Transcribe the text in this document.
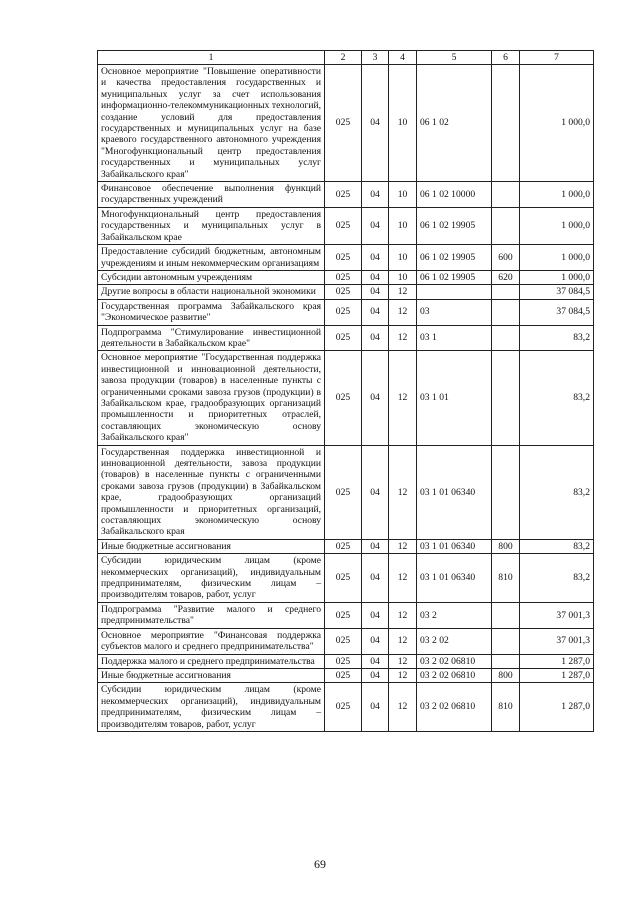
1	2	3	4	5	6	7
Основное мероприятие "Повышение оперативности и качества предоставления государственных и муниципальных услуг за счет использования информационно-телекоммуникационных технологий, создание условий для предоставления государственных и муниципальных услуг на базе краевого государственного автономного учреждения "Многофункциональный центр предоставления государственных и муниципальных услуг Забайкальского края"	025	04	10	06 1 02		1 000,0
Финансовое обеспечение выполнения функций государственных учреждений	025	04	10	06 1 02 10000		1 000,0
Многофункциональный центр предоставления государственных и муниципальных услуг в Забайкальском крае	025	04	10	06 1 02 19905		1 000,0
Предоставление субсидий бюджетным, автономным учреждениям и иным некоммерческим организациям	025	04	10	06 1 02 19905	600	1 000,0
Субсидии автономным учреждениям	025	04	10	06 1 02 19905	620	1 000,0
Другие вопросы в области национальной экономики	025	04	12			37 084,5
Государственная программа Забайкальского края "Экономическое развитие"	025	04	12	03		37 084,5
Подпрограмма "Стимулирование инвестиционной деятельности в Забайкальском крае"	025	04	12	03 1		83,2
Основное мероприятие "Государственная поддержка инвестиционной и инновационной деятельности, завоза продукции (товаров) в населенные пункты с ограниченными сроками завоза грузов (продукции) в Забайкальском крае, градообразующих организаций промышленности и приоритетных отраслей, составляющих экономическую основу Забайкальского края"	025	04	12	03 1 01		83,2
Государственная поддержка инвестиционной и инновационной деятельности, завоза продукции (товаров) в населенные пункты с ограниченными сроками завоза грузов (продукции) в Забайкальском крае, градообразующих организаций промышленности и приоритетных организаций, составляющих экономическую основу Забайкальского края	025	04	12	03 1 01 06340		83,2
Иные бюджетные ассигнования	025	04	12	03 1 01 06340	800	83,2
Субсидии юридическим лицам (кроме некоммерческих организаций), индивидуальным предпринимателям, физическим лицам – производителям товаров, работ, услуг	025	04	12	03 1 01 06340	810	83,2
Подпрограмма "Развитие малого и среднего предпринимательства"	025	04	12	03 2		37 001,3
Основное мероприятие "Финансовая поддержка субъектов малого и среднего предпринимательства"	025	04	12	03 2 02		37 001,3
Поддержка малого и среднего предпринимательства	025	04	12	03 2 02 06810		1 287,0
Иные бюджетные ассигнования	025	04	12	03 2 02 06810	800	1 287,0
Субсидии юридическим лицам (кроме некоммерческих организаций), индивидуальным предпринимателям, физическим лицам – производителям товаров, работ, услуг	025	04	12	03 2 02 06810	810	1 287,0
69
